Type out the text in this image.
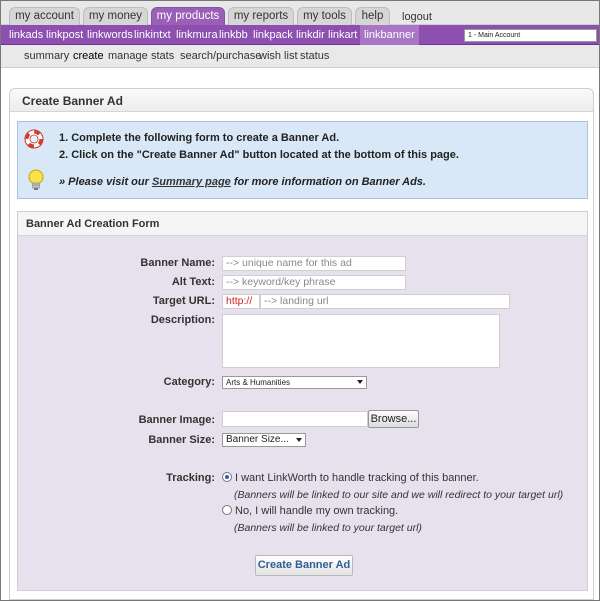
my account	my money	my products	my reports	my tools	help	logout
linkads linkpost linkwords linkintxt linkmura linkbb linkpack linkdir linkart linkbanner	1 - Main Account
summary create manage stats search/purchase
wish list status
Create Banner Ad
1. Complete the following form to create a Banner Ad.
2. Click on the "Create Banner Ad" button located at the bottom of this page.
» Please visit our Summary page for more information on Banner Ads.
Banner Ad Creation Form
Banner Name:	--> unique name for this ad
Alt Text:	--> keyword/key phrase
Target URL:	http://	--> landing url
Description:
Category:	Arts & Humanities
Banner Image:	Browse...
Banner Size:	Banner Size...
Tracking: I want LinkWorth to handle tracking of this banner.
(Banners will be linked to our site and we will redirect to your target url)
No, I will handle my own tracking.
(Banners will be linked to your target url)
Create Banner Ad
